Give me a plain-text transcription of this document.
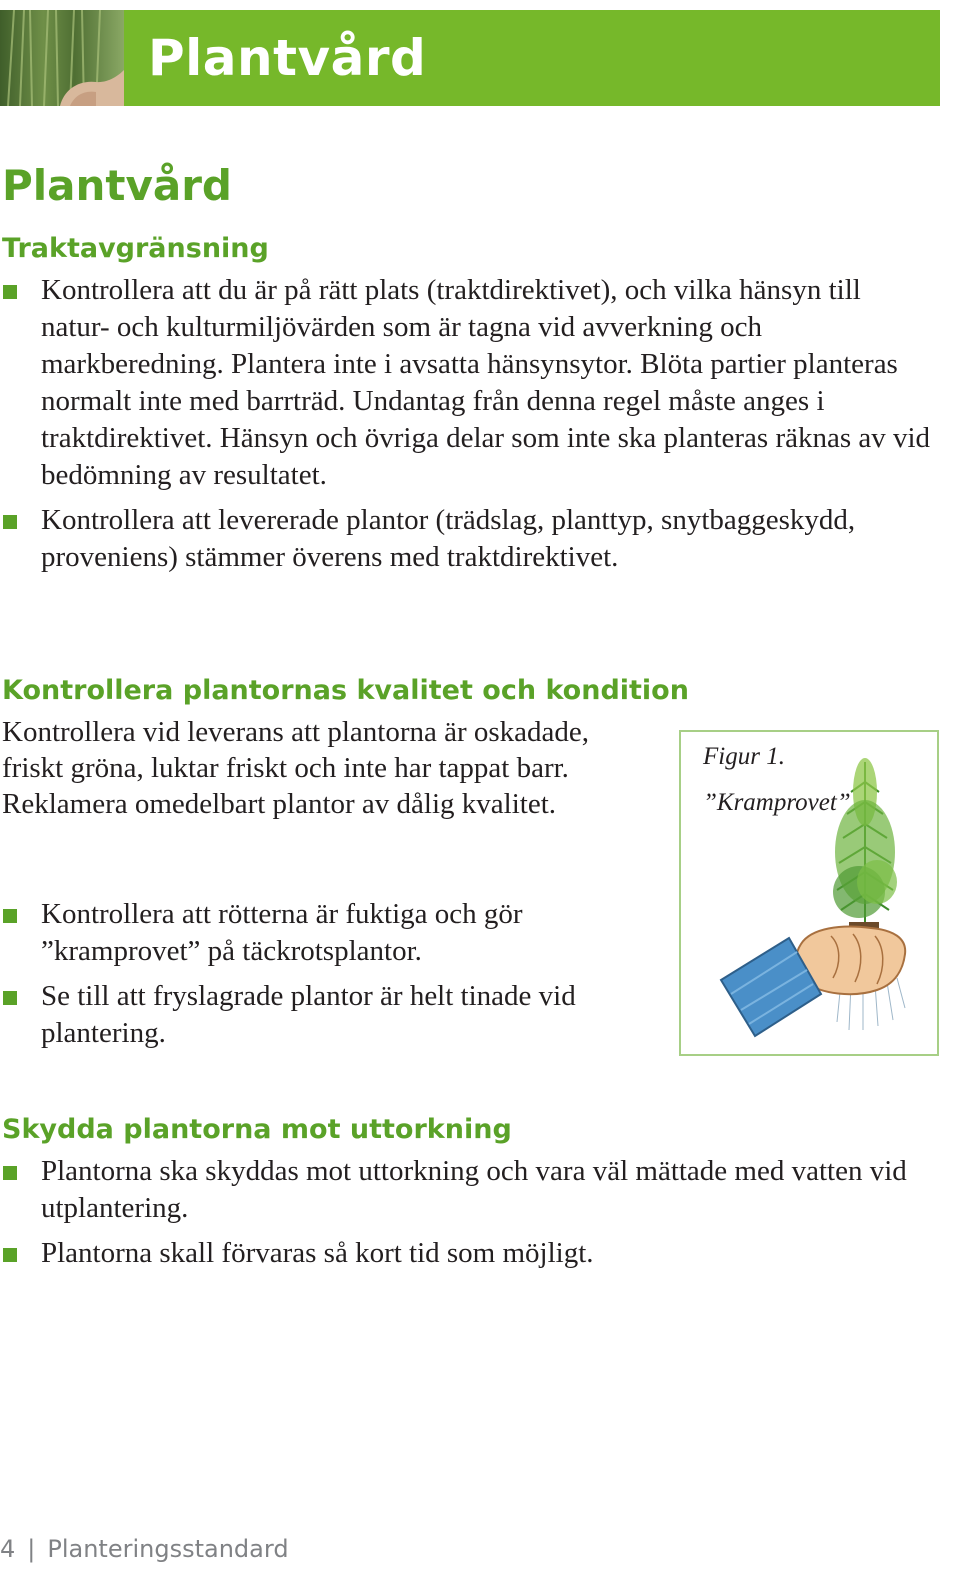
Plantvård
Plantvård
Traktavgränsning
Kontrollera att du är på rätt plats (traktdirektivet), och vilka hänsyn till natur- och kulturmiljövärden som är tagna vid avverkning och markberedning. Plantera inte i avsatta hänsynsytor. Blöta partier planteras normalt inte med barrträd. Undantag från denna regel måste anges i traktdirektivet. Hänsyn och övriga delar som inte ska planteras räknas av vid bedömning av resultatet.
Kontrollera att levererade plantor (trädslag, planttyp, snytbaggeskydd, proveniens) stämmer överens med traktdirektivet.
Kontrollera plantornas kvalitet och kondition

Kontrollera vid leverans att plantorna är oskadade, friskt gröna, luktar friskt och inte har tappat barr. Reklamera omedelbart plantor av dålig kvalitet.

Kontrollera att rötterna är fuktiga och gör ”kramprovet” på täckrotsplantor.
Se till att fryslagrade plantor är helt tinade vid plantering.
Figur 1.
”Kramprovet”
Skydda plantorna mot uttorkning
Plantorna ska skyddas mot uttorkning och vara väl mättade med vatten vid utplantering.
Plantorna skall förvaras så kort tid som möjligt.
4 | Planteringsstandard
